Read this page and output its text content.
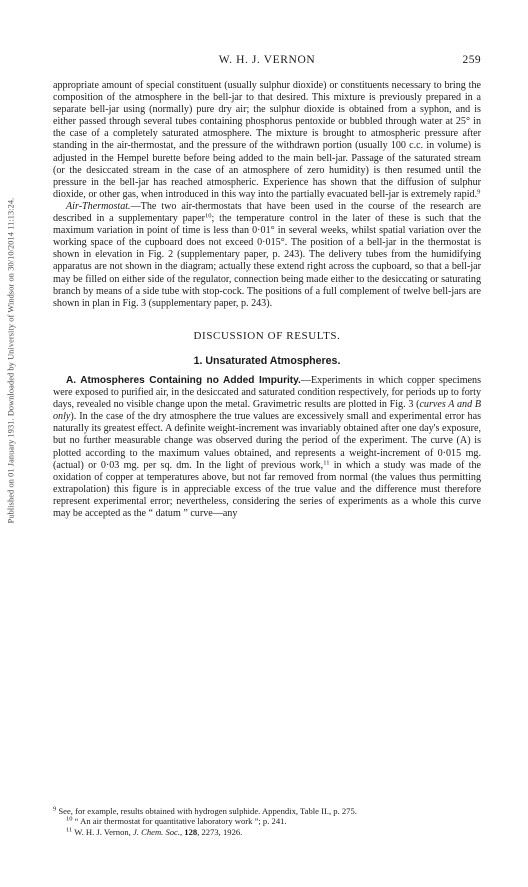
Published on 01 January 1931. Downloaded by University of Windsor on 30/10/2014 11:13:24.
W. H. J. VERNON	259

appropriate amount of special constituent (usually sulphur dioxide) or constituents necessary to bring the composition of the atmosphere in the bell-jar to that desired. This mixture is previously prepared in a separate bell-jar using (normally) pure dry air; the sulphur dioxide is obtained from a syphon, and is either passed through several tubes containing phosphorus pentoxide or bubbled through water at 25° in the case of a completely saturated atmosphere. The mixture is brought to atmospheric pressure after standing in the air-thermostat, and the pressure of the withdrawn portion (usually 100 c.c. in volume) is adjusted in the Hempel burette before being added to the main bell-jar. Passage of the saturated stream (or the desiccated stream in the case of an atmosphere of zero humidity) is then resumed until the pressure in the bell-jar has reached atmospheric. Experience has shown that the diffusion of sulphur dioxide, or other gas, when introduced in this way into the partially evacuated bell-jar is extremely rapid.$^9$

Air-Thermostat.—The two air-thermostats that have been used in the course of the research are described in a supplementary paper$^{10}$; the temperature control in the later of these is such that the maximum variation in point of time is less than 0·01° in several weeks, whilst spatial variation over the working space of the cupboard does not exceed 0·015°. The position of a bell-jar in the thermostat is shown in elevation in Fig. 2 (supplementary paper, p. 243). The delivery tubes from the humidifying apparatus are not shown in the diagram; actually these extend right across the cupboard, so that a bell-jar may be filled on either side of the regulator, connection being made either to the desiccating or saturating branch by means of a side tube with stop-cock. The positions of a full complement of twelve bell-jars are shown in plan in Fig. 3 (supplementary paper, p. 243).

DISCUSSION OF RESULTS.
1. Unsaturated Atmospheres.

A. Atmospheres Containing no Added Impurity.—Experiments in which copper specimens were exposed to purified air, in the desiccated and saturated condition respectively, for periods up to forty days, revealed no visible change upon the metal. Gravimetric results are plotted in Fig. 3 (curves A and B only). In the case of the dry atmosphere the true values are excessively small and experimental error has naturally its greatest effect. A definite weight-increment was invariably obtained after one day's exposure, but no further measurable change was observed during the period of the experiment. The curve (A) is plotted according to the maximum values obtained, and represents a weight-increment of 0·015 mg. (actual) or 0·03 mg. per sq. dm. In the light of previous work,$^{11}$ in which a study was made of the oxidation of copper at temperatures above, but not far removed from normal (the values thus permitting extrapolation) this figure is in appreciable excess of the true value and the difference must therefore represent experimental error; nevertheless, considering the series of experiments as a whole this curve may be accepted as the “ datum ” curve—any

$^9$ See, for example, results obtained with hydrogen sulphide. Appendix, Table II., p. 275.

$^{10}$ “ An air thermostat for quantitative laboratory work ”; p. 241.

$^{11}$ W. H. J. Vernon, J. Chem. Soc., 128, 2273, 1926.
